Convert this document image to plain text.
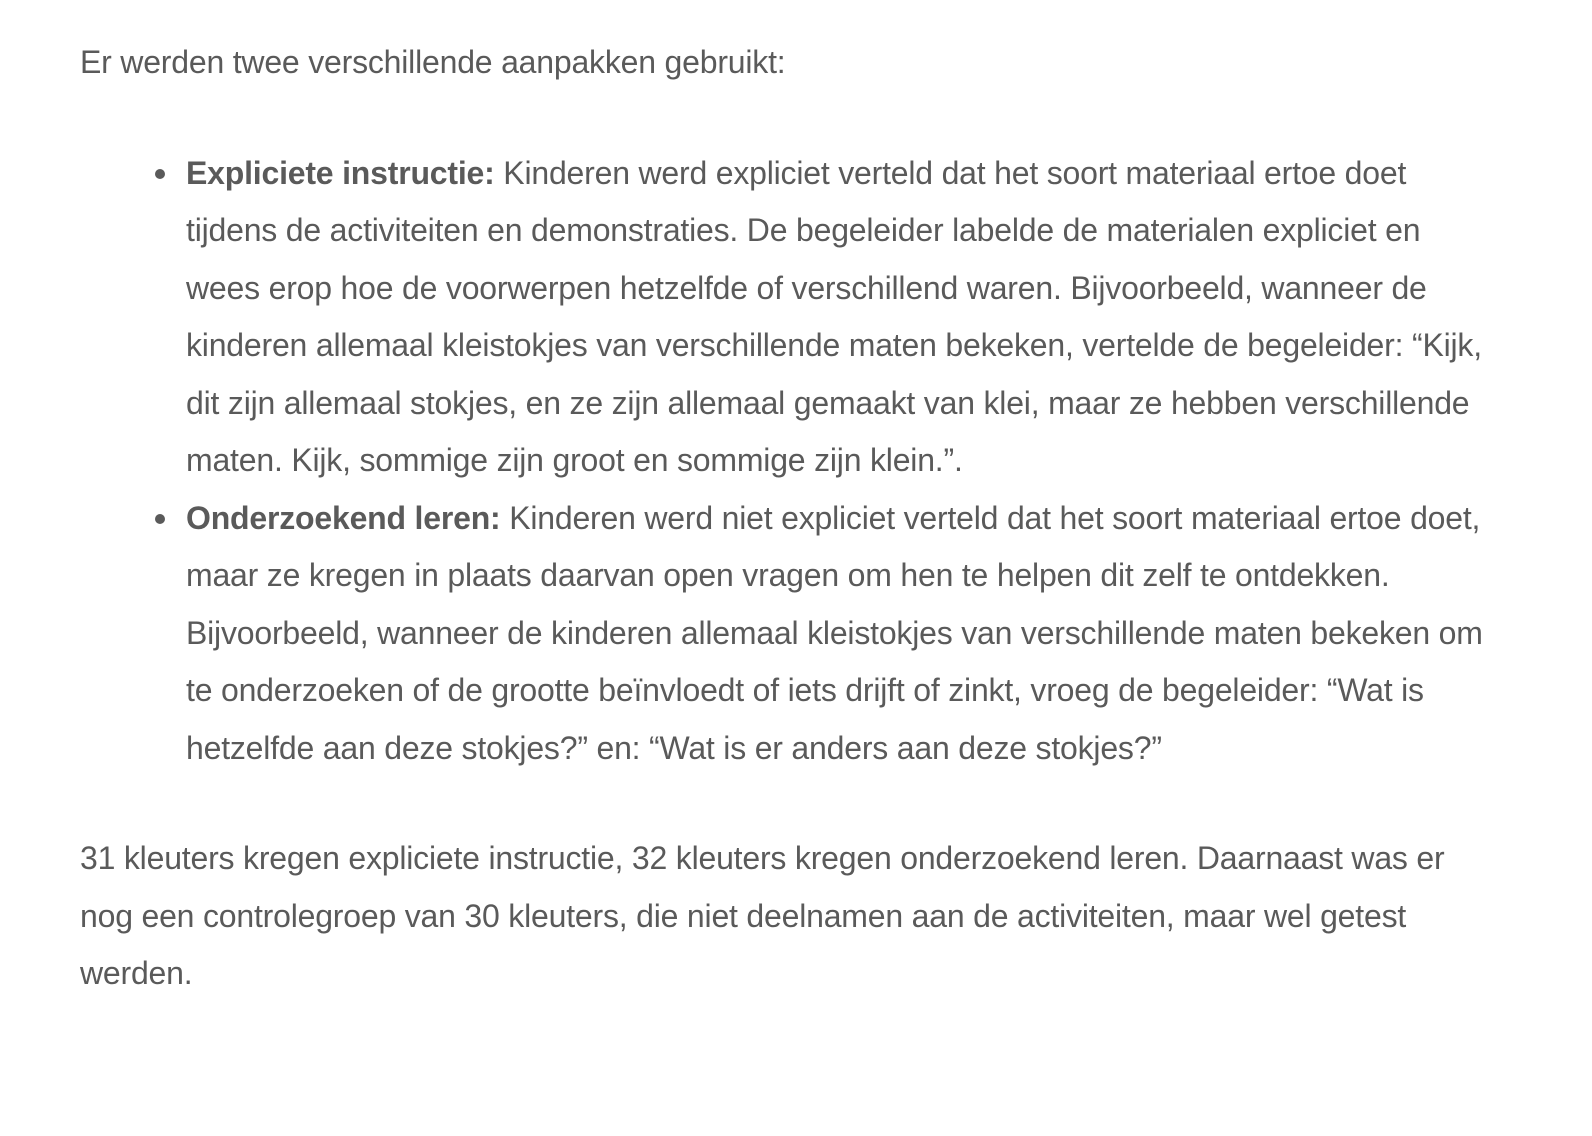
Er werden twee verschillende aanpakken gebruikt:

Expliciete instructie: Kinderen werd expliciet verteld dat het soort materiaal ertoe doet tijdens de activiteiten en demonstraties. De begeleider labelde de materialen expliciet en wees erop hoe de voorwerpen hetzelfde of verschillend waren. Bijvoorbeeld, wanneer de kinderen allemaal kleistokjes van verschillende maten bekeken, vertelde de begeleider: “Kijk, dit zijn allemaal stokjes, en ze zijn allemaal gemaakt van klei, maar ze hebben verschillende maten. Kijk, sommige zijn groot en sommige zijn klein.”.
Onderzoekend leren: Kinderen werd niet expliciet verteld dat het soort materiaal ertoe doet, maar ze kregen in plaats daarvan open vragen om hen te helpen dit zelf te ontdekken. Bijvoorbeeld, wanneer de kinderen allemaal kleistokjes van verschillende maten bekeken om te onderzoeken of de grootte beïnvloedt of iets drijft of zinkt, vroeg de begeleider: “Wat is hetzelfde aan deze stokjes?” en: “Wat is er anders aan deze stokjes?”

31 kleuters kregen expliciete instructie, 32 kleuters kregen onderzoekend leren. Daarnaast was er nog een controlegroep van 30 kleuters, die niet deelnamen aan de activiteiten, maar wel getest werden.
